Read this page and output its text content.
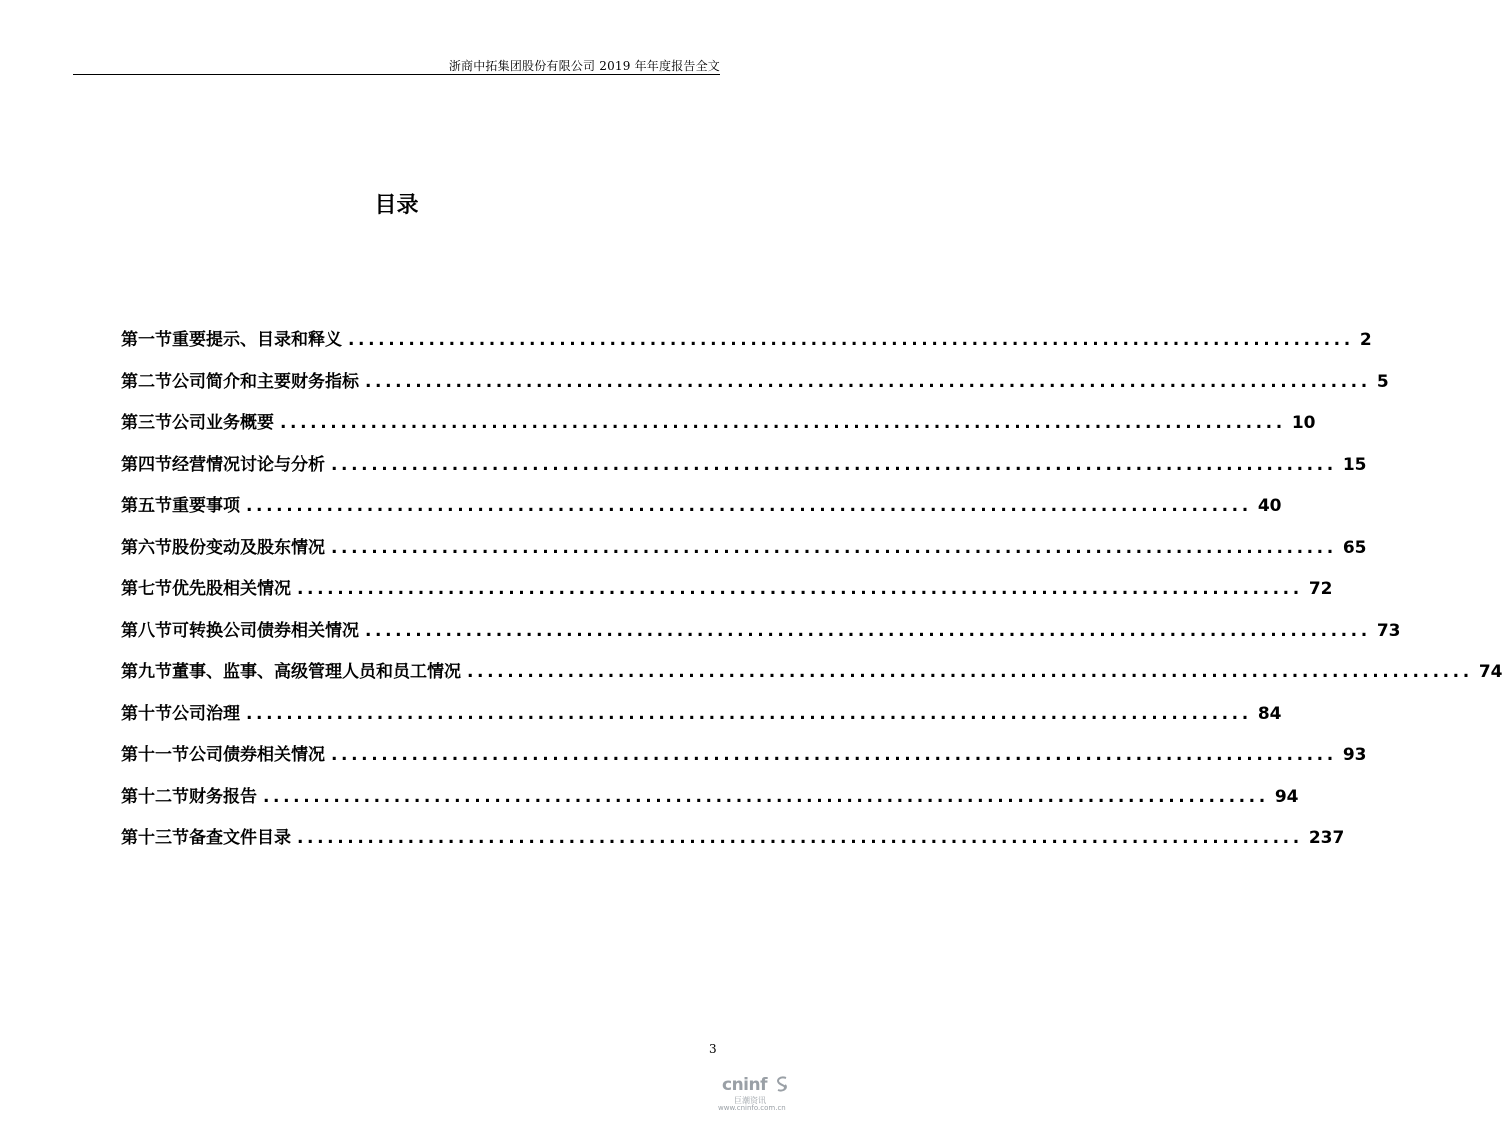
浙商中拓集团股份有限公司 2019 年年度报告全文
目录
第一节重要提示、目录和释义 .................................................................................................... 2
第二节公司简介和主要财务指标 .................................................................................................... 5
第三节公司业务概要 .................................................................................................... 10
第四节经营情况讨论与分析 .................................................................................................... 15
第五节重要事项 .................................................................................................... 40
第六节股份变动及股东情况 .................................................................................................... 65
第七节优先股相关情况 .................................................................................................... 72
第八节可转换公司债券相关情况 .................................................................................................... 73
第九节董事、监事、高级管理人员和员工情况 .................................................................................................... 74
第十节公司治理 .................................................................................................... 84
第十一节公司债券相关情况 .................................................................................................... 93
第十二节财务报告 .................................................................................................... 94
第十三节备查文件目录 .................................................................................................... 237
3
cninf
巨潮资讯
www.cninfo.com.cn
